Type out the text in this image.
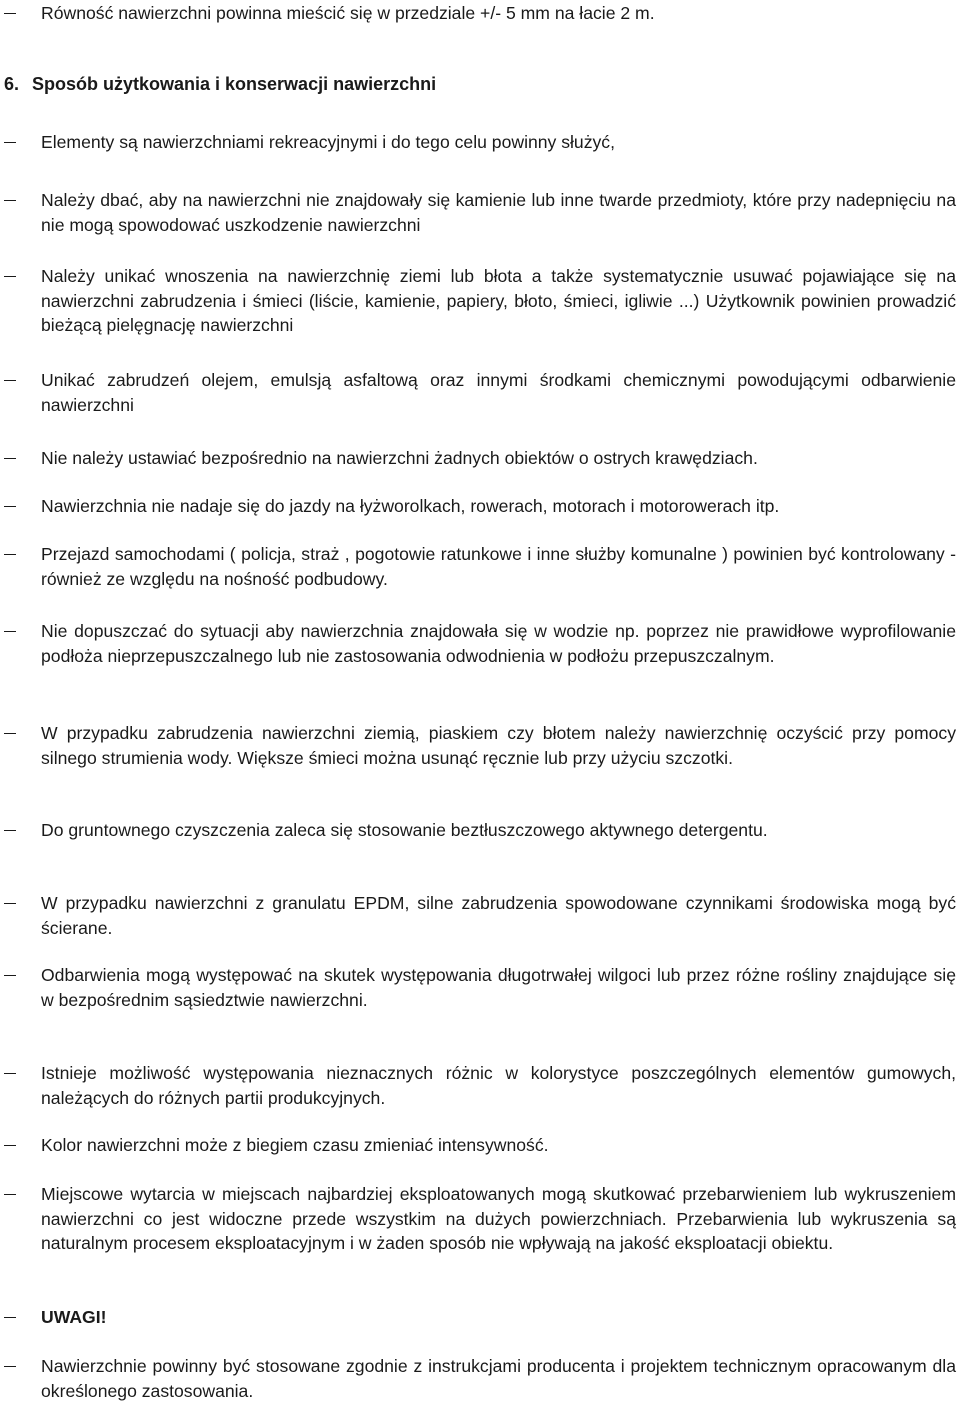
Równość nawierzchni powinna mieścić się w przedziale +/- 5 mm na łacie 2 m.
6. Sposób użytkowania i konserwacji nawierzchni
Elementy są nawierzchniami rekreacyjnymi i do tego celu powinny służyć,
Należy dbać, aby na nawierzchni nie znajdowały się kamienie lub inne twarde przedmioty, które przy nadepnięciu na nie mogą spowodować uszkodzenie nawierzchni
Należy unikać wnoszenia na nawierzchnię ziemi lub błota a także systematycznie usuwać pojawiające się na nawierzchni zabrudzenia i śmieci (liście, kamienie, papiery, błoto, śmieci, igliwie ...) Użytkownik powinien prowadzić bieżącą pielęgnację nawierzchni
Unikać zabrudzeń olejem, emulsją asfaltową oraz innymi środkami chemicznymi powodującymi odbarwienie nawierzchni
Nie należy ustawiać bezpośrednio na nawierzchni żadnych obiektów o ostrych krawędziach.
Nawierzchnia nie nadaje się do jazdy na łyżworolkach, rowerach, motorach i motorowerach itp.
Przejazd samochodami ( policja, straż , pogotowie ratunkowe i inne służby komunalne ) powinien być kontrolowany - również ze względu na nośność podbudowy.
Nie dopuszczać do sytuacji aby nawierzchnia znajdowała się w wodzie np. poprzez nie prawidłowe wyprofilowanie podłoża nieprzepuszczalnego lub nie zastosowania odwodnienia w podłożu przepuszczalnym.
W przypadku zabrudzenia nawierzchni ziemią, piaskiem czy błotem należy nawierzchnię oczyścić przy pomocy silnego strumienia wody. Większe śmieci można usunąć ręcznie lub przy użyciu szczotki.
Do gruntownego czyszczenia zaleca się stosowanie beztłuszczowego aktywnego detergentu.
W przypadku nawierzchni z granulatu EPDM, silne zabrudzenia spowodowane czynnikami środowiska mogą być ścierane.
Odbarwienia mogą występować na skutek występowania długotrwałej wilgoci lub przez różne rośliny znajdujące się w bezpośrednim sąsiedztwie nawierzchni.
Istnieje możliwość występowania nieznacznych różnic w kolorystyce poszczególnych elementów gumowych, należących do różnych partii produkcyjnych.
Kolor nawierzchni może z biegiem czasu zmieniać intensywność.
Miejscowe wytarcia w miejscach najbardziej eksploatowanych mogą skutkować przebarwieniem lub wykruszeniem nawierzchni co jest widoczne przede wszystkim na dużych powierzchniach. Przebarwienia lub wykruszenia są naturalnym procesem eksploatacyjnym i w żaden sposób nie wpływają na jakość eksploatacji obiektu.
UWAGI!
Nawierzchnie powinny być stosowane zgodnie z instrukcjami producenta i projektem technicznym opracowanym dla określonego zastosowania.
